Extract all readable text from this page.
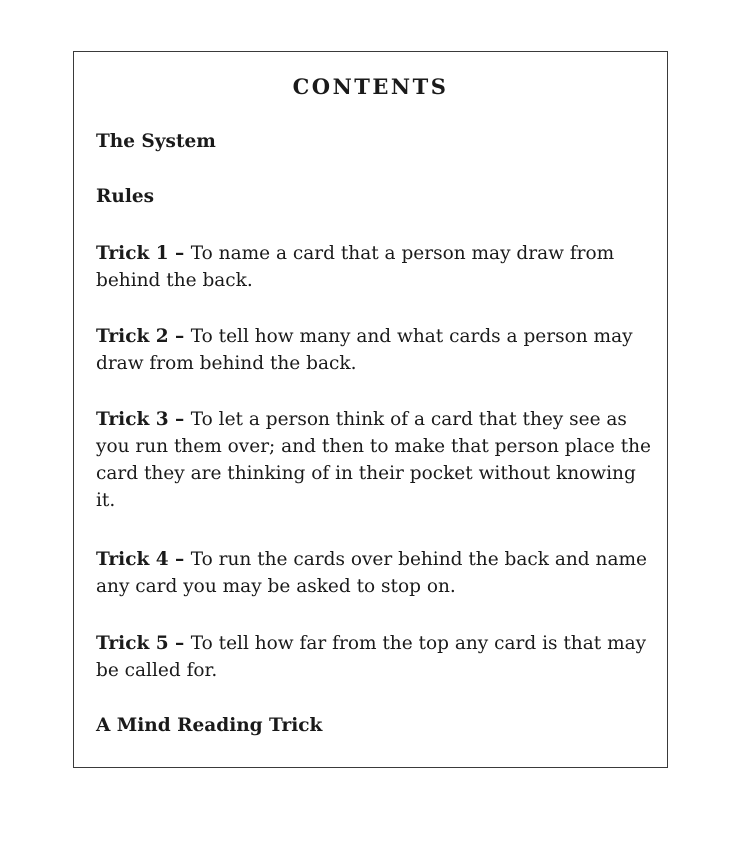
CONTENTS
The System
Rules
Trick 1 – To name a card that a person may draw from behind the back.
Trick 2 – To tell how many and what cards a person may draw from behind the back.
Trick 3 – To let a person think of a card that they see as you run them over; and then to make that person place the card they are thinking of in their pocket without knowing it.
Trick 4 – To run the cards over behind the back and name any card you may be asked to stop on.
Trick 5 – To tell how far from the top any card is that may be called for.
A Mind Reading Trick
